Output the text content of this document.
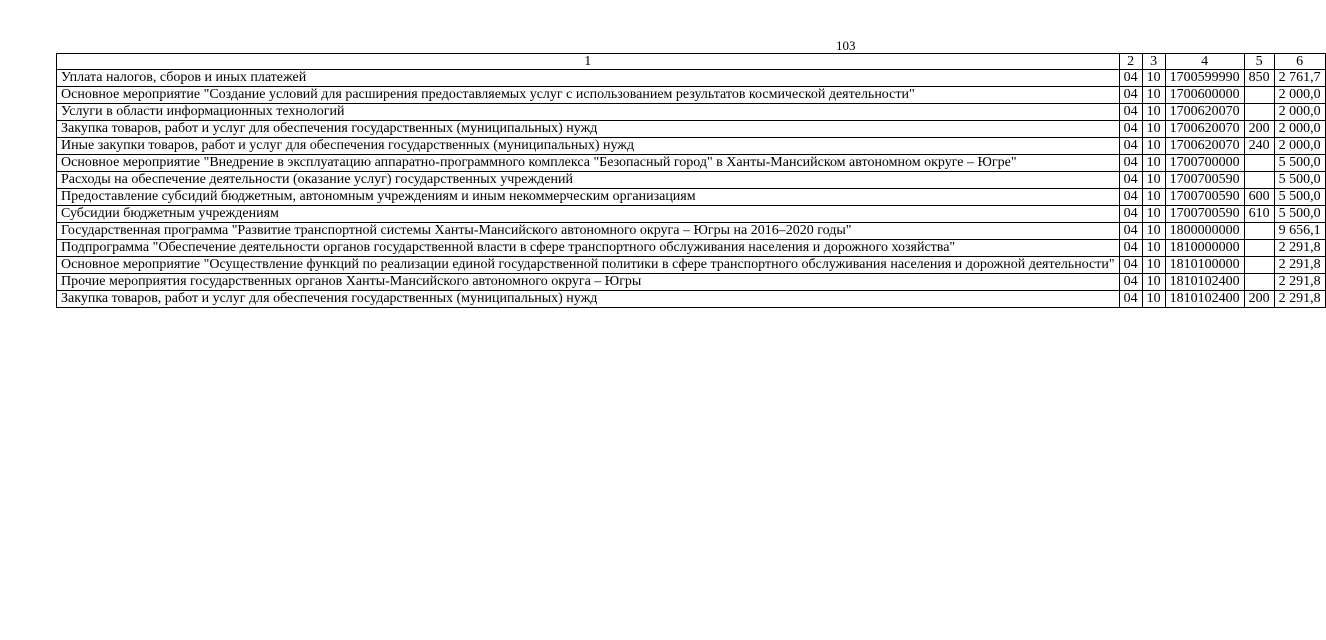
103
1	2	3	4	5	6
Уплата налогов, сборов и иных платежей	04	10	1700599990	850	2 761,7
Основное мероприятие "Создание условий для расширения предоставляемых услуг с использованием результатов космической деятельности"	04	10	1700600000		2 000,0
Услуги в области информационных технологий	04	10	1700620070		2 000,0
Закупка товаров, работ и услуг для обеспечения государственных (муниципальных) нужд	04	10	1700620070	200	2 000,0
Иные закупки товаров, работ и услуг для обеспечения государственных (муниципальных) нужд	04	10	1700620070	240	2 000,0
Основное мероприятие "Внедрение в эксплуатацию аппаратно-программного комплекса "Безопасный город" в Ханты-Мансийском автономном округе – Югре"	04	10	1700700000		5 500,0
Расходы на обеспечение деятельности (оказание услуг) государственных учреждений	04	10	1700700590		5 500,0
Предоставление субсидий бюджетным, автономным учреждениям и иным некоммерческим организациям	04	10	1700700590	600	5 500,0
Субсидии бюджетным учреждениям	04	10	1700700590	610	5 500,0
Государственная программа "Развитие транспортной системы Ханты-Мансийского автономного округа – Югры на 2016–2020 годы"	04	10	1800000000		9 656,1
Подпрограмма "Обеспечение деятельности органов государственной власти в сфере транспортного обслуживания населения и дорожного хозяйства"	04	10	1810000000		2 291,8
Основное мероприятие "Осуществление функций по реализации единой государственной политики в сфере транспортного обслуживания населения и дорожной деятельности"	04	10	1810100000		2 291,8
Прочие мероприятия государственных органов Ханты-Мансийского автономного округа – Югры	04	10	1810102400		2 291,8
Закупка товаров, работ и услуг для обеспечения государственных (муниципальных) нужд	04	10	1810102400	200	2 291,8
